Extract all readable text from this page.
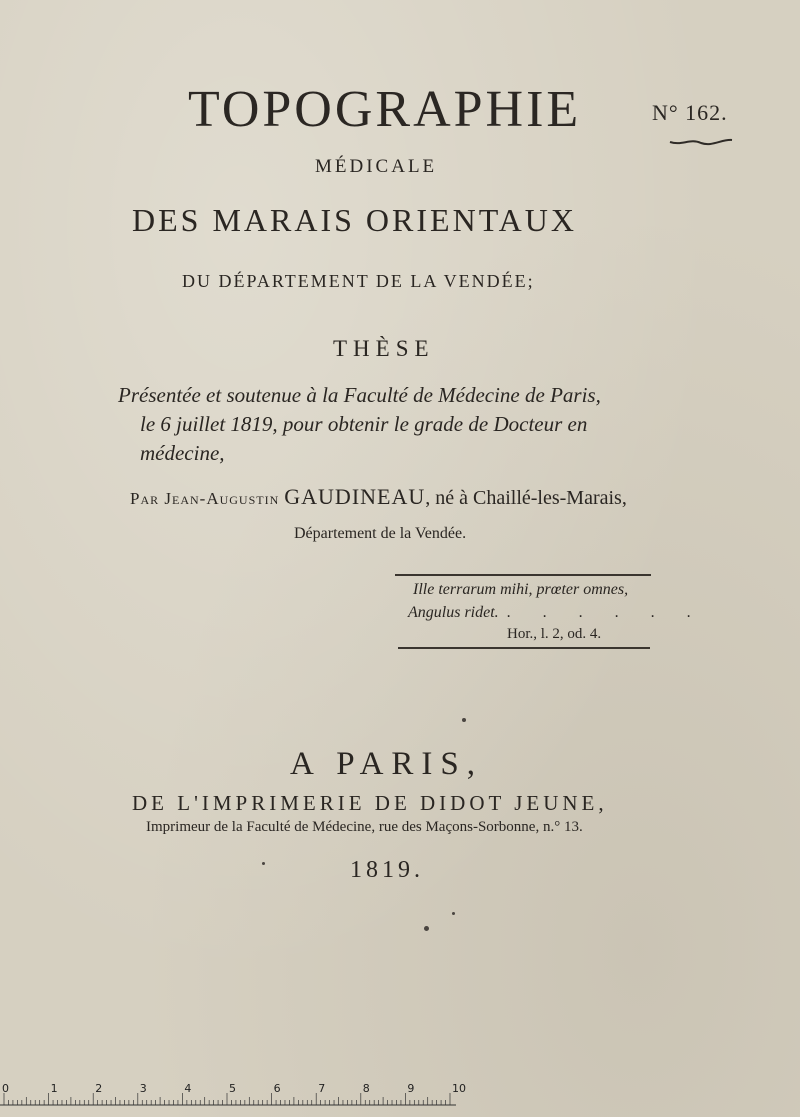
TOPOGRAPHIE	N° 162.
MÉDICALE
DES MARAIS ORIENTAUX
DU DÉPARTEMENT DE LA VENDÉE;
THÈSE
Présentée et soutenue à la Faculté de Médecine de Paris,
le 6 juillet 1819, pour obtenir le grade de Docteur en
médecine,
Par Jean-Augustin GAUDINEAU, né à Chaillé-les-Marais,
Département de la Vendée.
Ille terrarum mihi, prœter omnes,
Angulus ridet. . . . . . .
Hor., l. 2, od. 4.
A PARIS,
DE L'IMPRIMERIE DE DIDOT JEUNE,
Imprimeur de la Faculté de Médecine, rue des Maçons-Sorbonne, n.° 13.
1819.
0	1	2	3	4	5	6	7	8	9	10
